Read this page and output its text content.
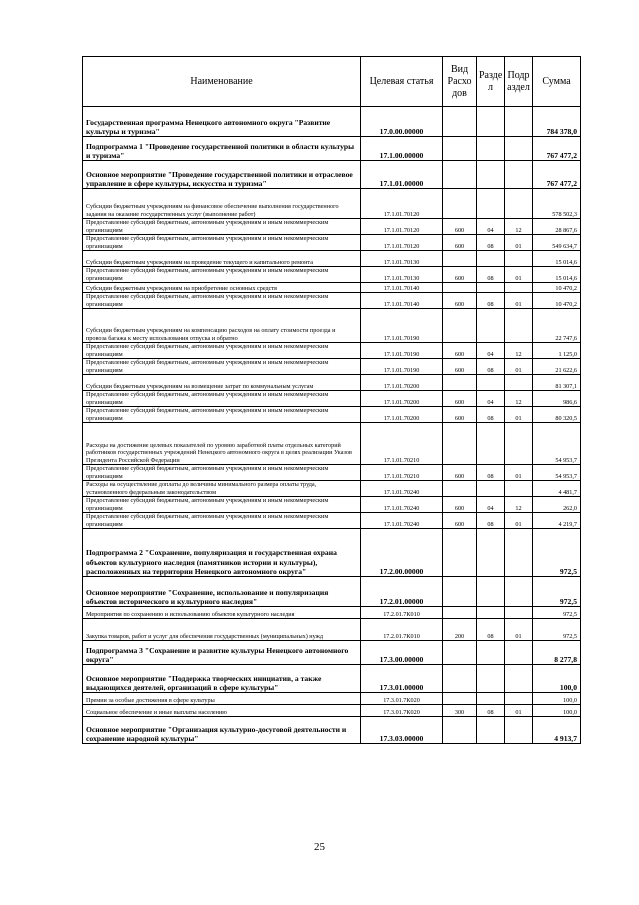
Наименование	Целевая статья	Вид Расхо дов	Разде л	Подр аздел	Сумма
Государственная программа Ненецкого автономного округа "Развитие культуры и туризма"	17.0.00.00000				784 378,0
Подпрограмма 1 "Проведение государственной политики в области культуры и туризма"	17.1.00.00000				767 477,2
Основное мероприятие "Проведение государственной политики и отраслевое управление в сфере культуры, искусства и туризма"	17.1.01.00000				767 477,2
Субсидии бюджетным учреждениям на финансовое обеспечение выполнения государственного задания на оказание государственных услуг (выполнение работ)	17.1.01.70120				578 502,3
Предоставление субсидий бюджетным, автономным учреждениям и иным некоммерческим организациям	17.1.01.70120	600	04	12	28 867,6
Предоставление субсидий бюджетным, автономным учреждениям и иным некоммерческим организациям	17.1.01.70120	600	08	01	549 634,7
Субсидии бюджетным учреждениям на проведение текущего и капитального ремонта	17.1.01.70130				15 014,6
Предоставление субсидий бюджетным, автономным учреждениям и иным некоммерческим организациям	17.1.01.70130	600	08	01	15 014,6
Субсидии бюджетным учреждениям на приобретение основных средств	17.1.01.70140				10 470,2
Предоставление субсидий бюджетным, автономным учреждениям и иным некоммерческим организациям	17.1.01.70140	600	08	01	10 470,2
Субсидии бюджетным учреждениям на компенсацию расходов на оплату стоимости проезда и провоза багажа к месту использования отпуска и обратно	17.1.01.70190				22 747,6
Предоставление субсидий бюджетным, автономным учреждениям и иным некоммерческим организациям	17.1.01.70190	600	04	12	1 125,0
Предоставление субсидий бюджетным, автономным учреждениям и иным некоммерческим организациям	17.1.01.70190	600	08	01	21 622,6
Субсидии бюджетным учреждениям на возмещение затрат по коммунальным услугам	17.1.01.70200				81 307,1
Предоставление субсидий бюджетным, автономным учреждениям и иным некоммерческим организациям	17.1.01.70200	600	04	12	986,6
Предоставление субсидий бюджетным, автономным учреждениям и иным некоммерческим организациям	17.1.01.70200	600	08	01	80 320,5
Расходы на достижение целевых показателей по уровню заработной платы отдельных категорий работников государственных учреждений Ненецкого автономного округа в целях реализации Указов Президента Российской Федерации	17.1.01.70210				54 953,7
Предоставление субсидий бюджетным, автономным учреждениям и иным некоммерческим организациям	17.1.01.70210	600	08	01	54 953,7
Расходы на осуществление доплаты до величины минимального размера оплаты труда, установленного федеральным законодательством	17.1.01.70240				4 481,7
Предоставление субсидий бюджетным, автономным учреждениям и иным некоммерческим организациям	17.1.01.70240	600	04	12	262,0
Предоставление субсидий бюджетным, автономным учреждениям и иным некоммерческим организациям	17.1.01.70240	600	08	01	4 219,7
Подпрограмма 2 "Сохранение, популяризация и государственная охрана объектов культурного наследия (памятников истории и культуры), расположенных на территории Ненецкого автономного округа"	17.2.00.00000				972,5
Основное мероприятие "Сохранение, использование и популяризация объектов исторического и культурного наследия"	17.2.01.00000				972,5
Мероприятия по сохранению и использованию объектов культурного наследия	17.2.01.7К010				972,5
Закупка товаров, работ и услуг для обеспечения государственных (муниципальных) нужд	17.2.01.7К010	200	08	01	972,5
Подпрограмма 3 "Сохранение и развитие культуры Ненецкого автономного округа"	17.3.00.00000				8 277,8
Основное мероприятие "Поддержка творческих инициатив, а также выдающихся деятелей, организаций в сфере культуры"	17.3.01.00000				100,0
Премии за особые достижения в сфере культуры	17.3.01.7К020				100,0
Социальное обеспечение и иные выплаты населению	17.3.01.7К020	300	08	01	100,0
Основное мероприятие "Организация культурно-досуговой деятельности и сохранение народной культуры"	17.3.03.00000				4 913,7
25
